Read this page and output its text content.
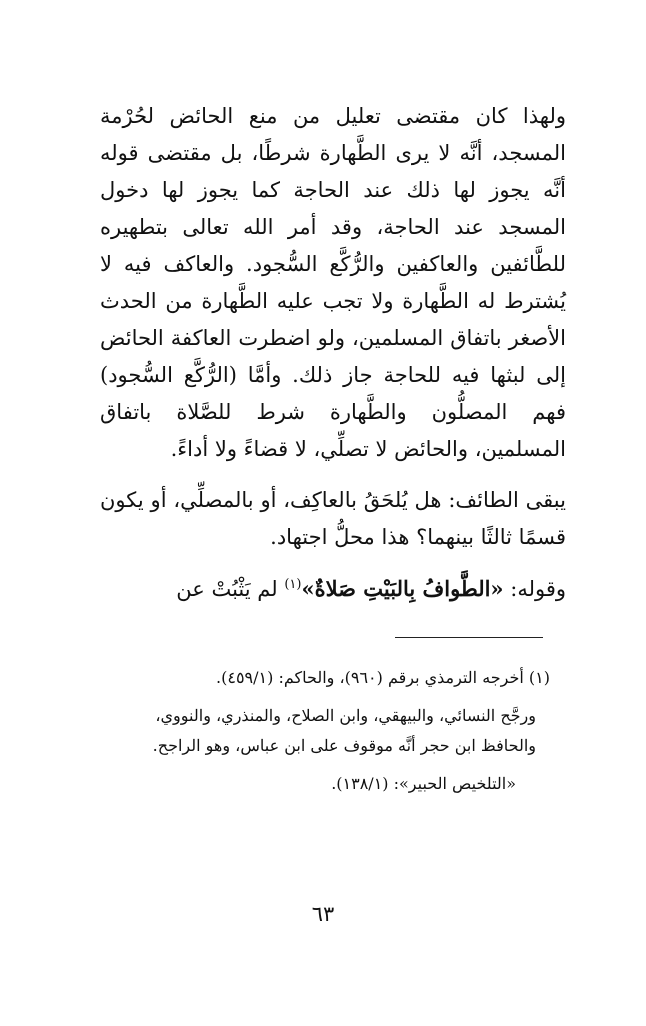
ولهذا كان مقتضى تعليل من منع الحائض لحُرْمة المسجد، أنَّه لا يرى الطَّهارة شرطًا، بل مقتضى قوله أنَّه يجوز لها ذلك عند الحاجة كما يجوز لها دخول المسجد عند الحاجة، وقد أمر الله تعالى بتطهيره للطَّائفين والعاكفين والرُّكَّع السُّجود. والعاكف فيه لا يُشترط له الطَّهارة ولا تجب عليه الطَّهارة من الحدث الأصغر باتفاق المسلمين، ولو اضطرت العاكفة الحائض إلى لبثها فيه للحاجة جاز ذلك. وأمَّا (الرُّكَّع السُّجود) فهم المصلُّون والطَّهارة شرط للصَّلاة باتفاق المسلمين، والحائض لا تصلِّي، لا قضاءً ولا أداءً.

يبقى الطائف: هل يُلحَقُ بالعاكِف، أو بالمصلِّي، أو يكون قسمًا ثالثًا بينهما؟ هذا محلُّ اجتهاد.

وقوله: «الطَّوافُ بِالبَيْتِ صَلاةٌ»$^{(١)}$ لم يَثْبُتْ عن

(١) أخرجه الترمذي برقم (٩٦٠)، والحاكم: (٤٥٩/١).

ورجَّح النسائي، والبيهقي، وابن الصلاح، والمنذري، والنووي، والحافظ ابن حجر أنَّه موقوف على ابن عباس، وهو الراجح.

«التلخيص الحبير»: (١٣٨/١).

٦٣
